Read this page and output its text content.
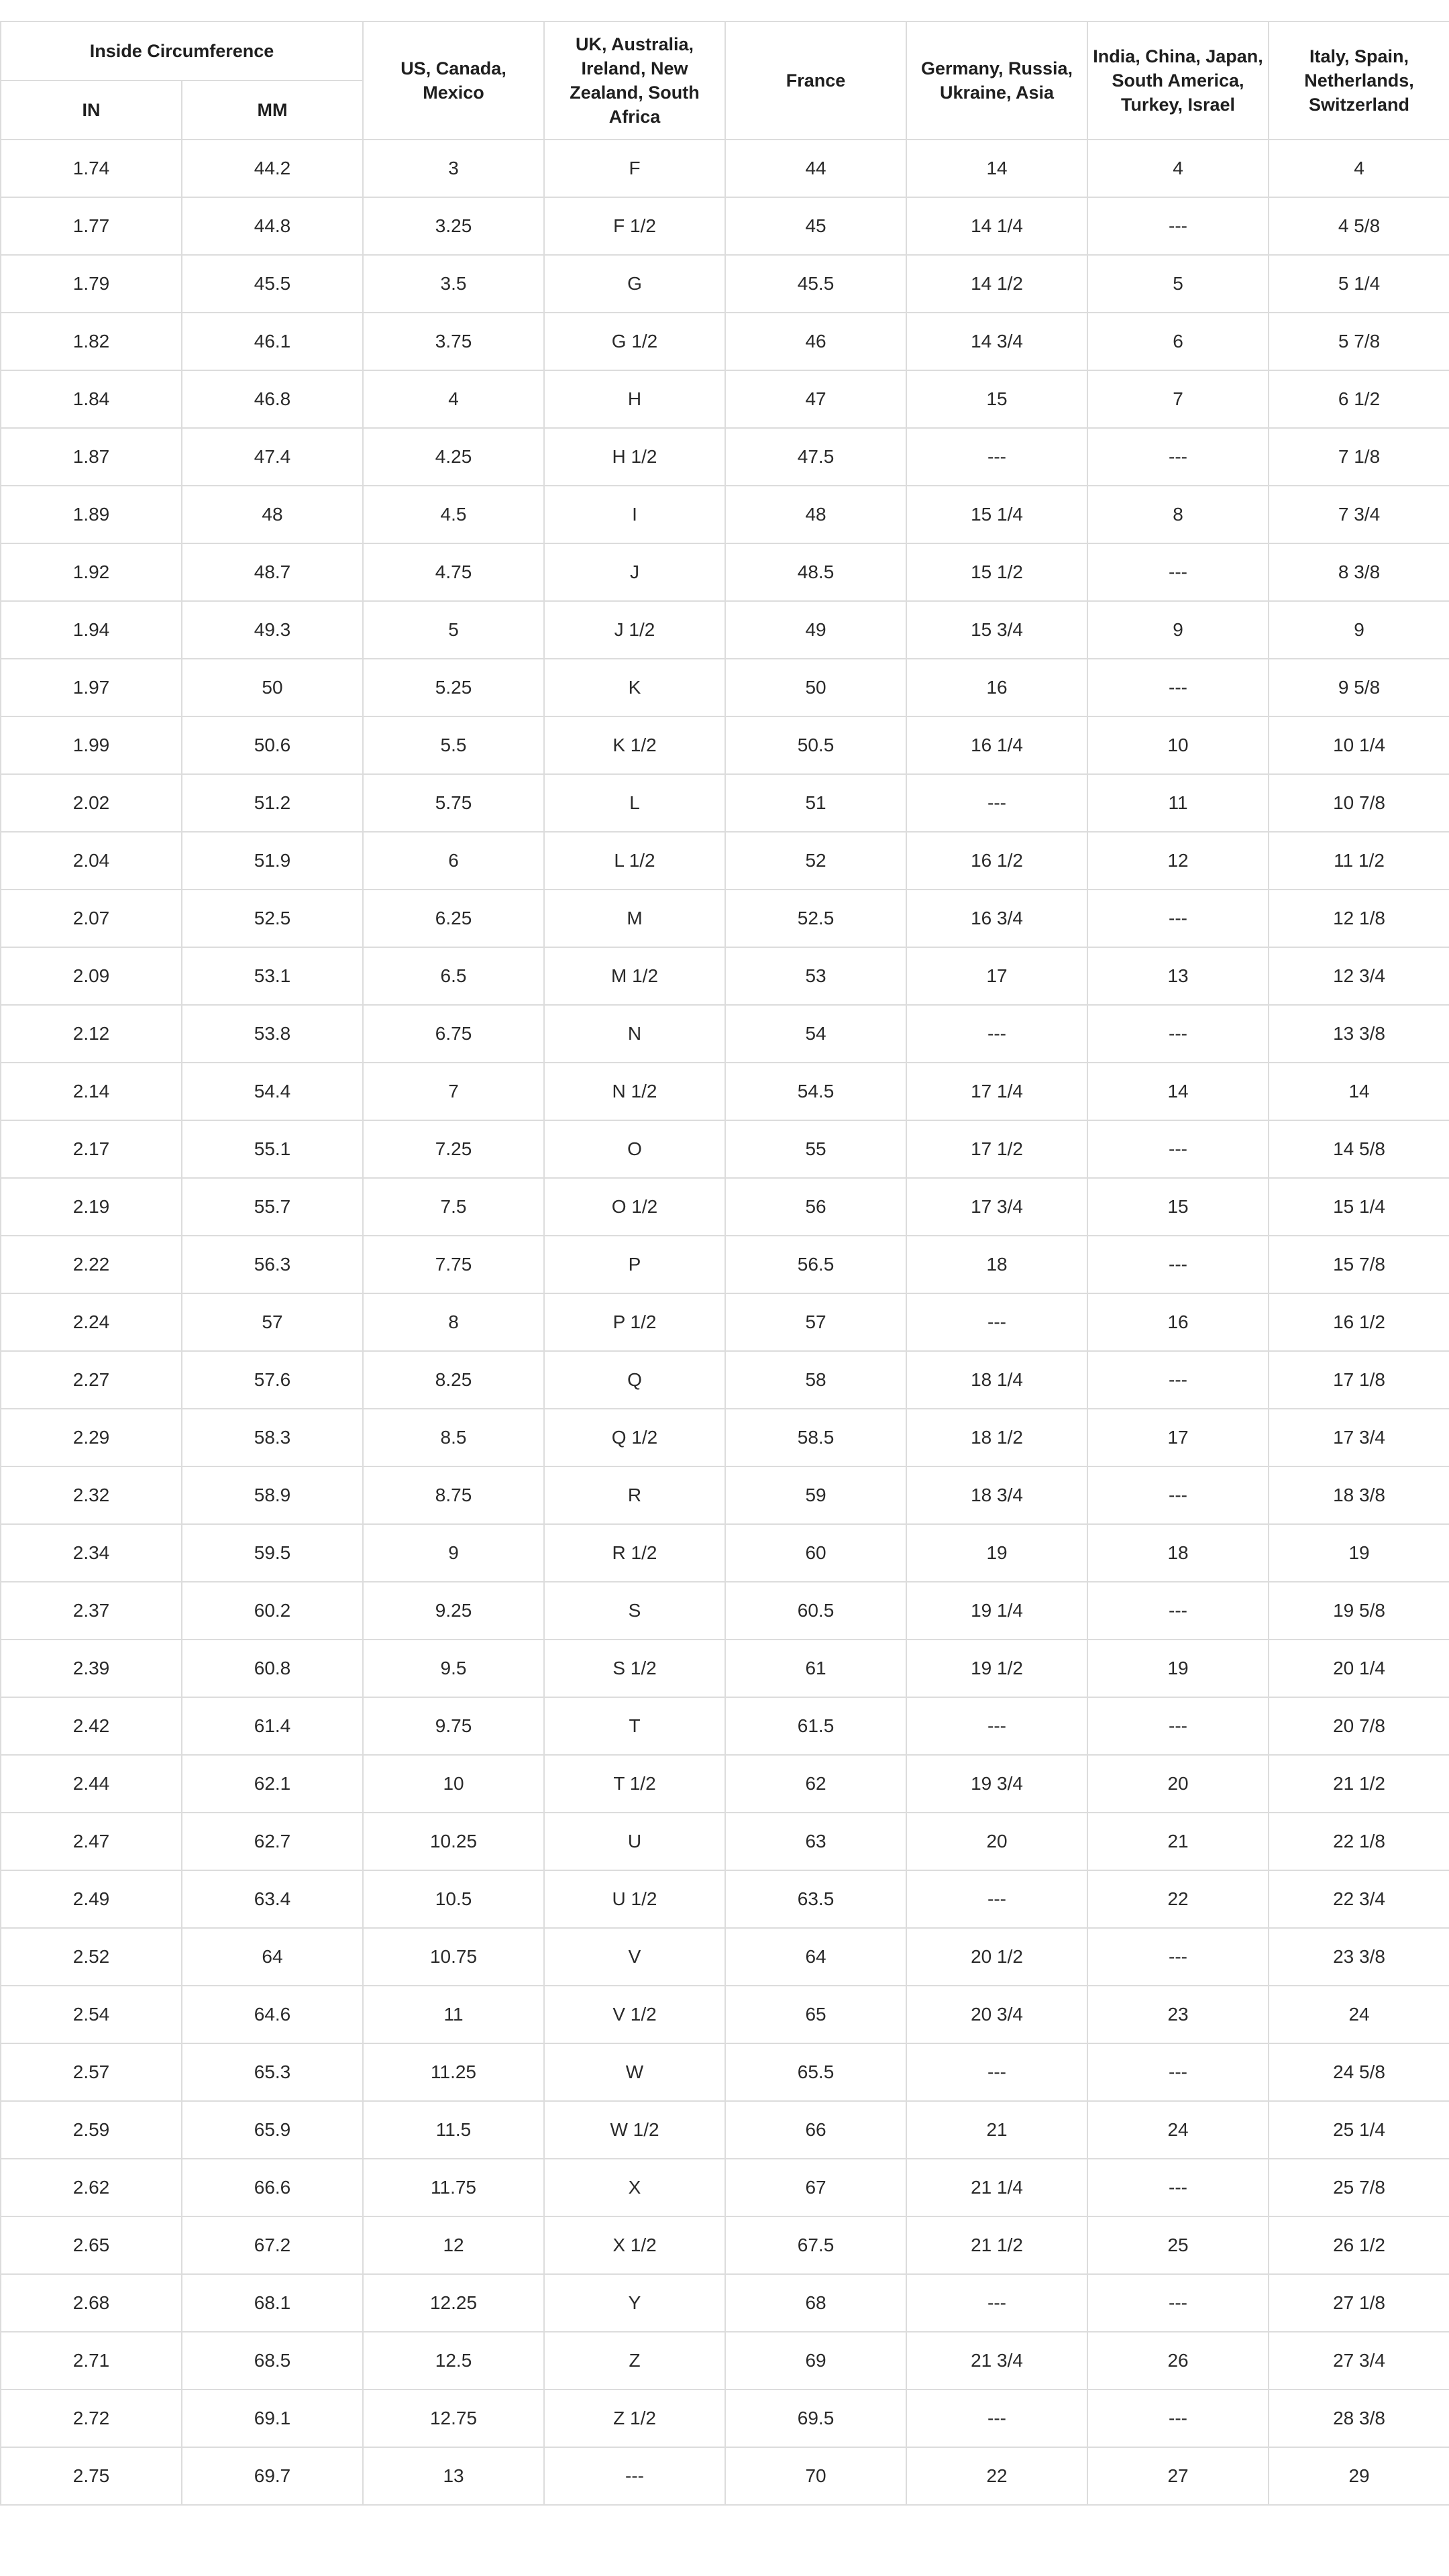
Inside Circumference		US, Canada, Mexico	UK, Australia, Ireland, New Zealand, South Africa	France	Germany, Russia, Ukraine, Asia	India, China, Japan, South America, Turkey, Israel	Italy, Spain, Netherlands, Switzerland
IN	MM						
1.74	44.2	3	F	44	14	4	4
1.77	44.8	3.25	F 1/2	45	14 1/4	---	4 5/8
1.79	45.5	3.5	G	45.5	14 1/2	5	5 1/4
1.82	46.1	3.75	G 1/2	46	14 3/4	6	5 7/8
1.84	46.8	4	H	47	15	7	6 1/2
1.87	47.4	4.25	H 1/2	47.5	---	---	7 1/8
1.89	48	4.5	I	48	15 1/4	8	7 3/4
1.92	48.7	4.75	J	48.5	15 1/2	---	8 3/8
1.94	49.3	5	J 1/2	49	15 3/4	9	9
1.97	50	5.25	K	50	16	---	9 5/8
1.99	50.6	5.5	K 1/2	50.5	16 1/4	10	10 1/4
2.02	51.2	5.75	L	51	---	11	10 7/8
2.04	51.9	6	L 1/2	52	16 1/2	12	11 1/2
2.07	52.5	6.25	M	52.5	16 3/4	---	12 1/8
2.09	53.1	6.5	M 1/2	53	17	13	12 3/4
2.12	53.8	6.75	N	54	---	---	13 3/8
2.14	54.4	7	N 1/2	54.5	17 1/4	14	14
2.17	55.1	7.25	O	55	17 1/2	---	14 5/8
2.19	55.7	7.5	O 1/2	56	17 3/4	15	15 1/4
2.22	56.3	7.75	P	56.5	18	---	15 7/8
2.24	57	8	P 1/2	57	---	16	16 1/2
2.27	57.6	8.25	Q	58	18 1/4	---	17 1/8
2.29	58.3	8.5	Q 1/2	58.5	18 1/2	17	17 3/4
2.32	58.9	8.75	R	59	18 3/4	---	18 3/8
2.34	59.5	9	R 1/2	60	19	18	19
2.37	60.2	9.25	S	60.5	19 1/4	---	19 5/8
2.39	60.8	9.5	S 1/2	61	19 1/2	19	20 1/4
2.42	61.4	9.75	T	61.5	---	---	20 7/8
2.44	62.1	10	T 1/2	62	19 3/4	20	21 1/2
2.47	62.7	10.25	U	63	20	21	22 1/8
2.49	63.4	10.5	U 1/2	63.5	---	22	22 3/4
2.52	64	10.75	V	64	20 1/2	---	23 3/8
2.54	64.6	11	V 1/2	65	20 3/4	23	24
2.57	65.3	11.25	W	65.5	---	---	24 5/8
2.59	65.9	11.5	W 1/2	66	21	24	25 1/4
2.62	66.6	11.75	X	67	21 1/4	---	25 7/8
2.65	67.2	12	X 1/2	67.5	21 1/2	25	26 1/2
2.68	68.1	12.25	Y	68	---	---	27 1/8
2.71	68.5	12.5	Z	69	21 3/4	26	27 3/4
2.72	69.1	12.75	Z 1/2	69.5	---	---	28 3/8
2.75	69.7	13	---	70	22	27	29
